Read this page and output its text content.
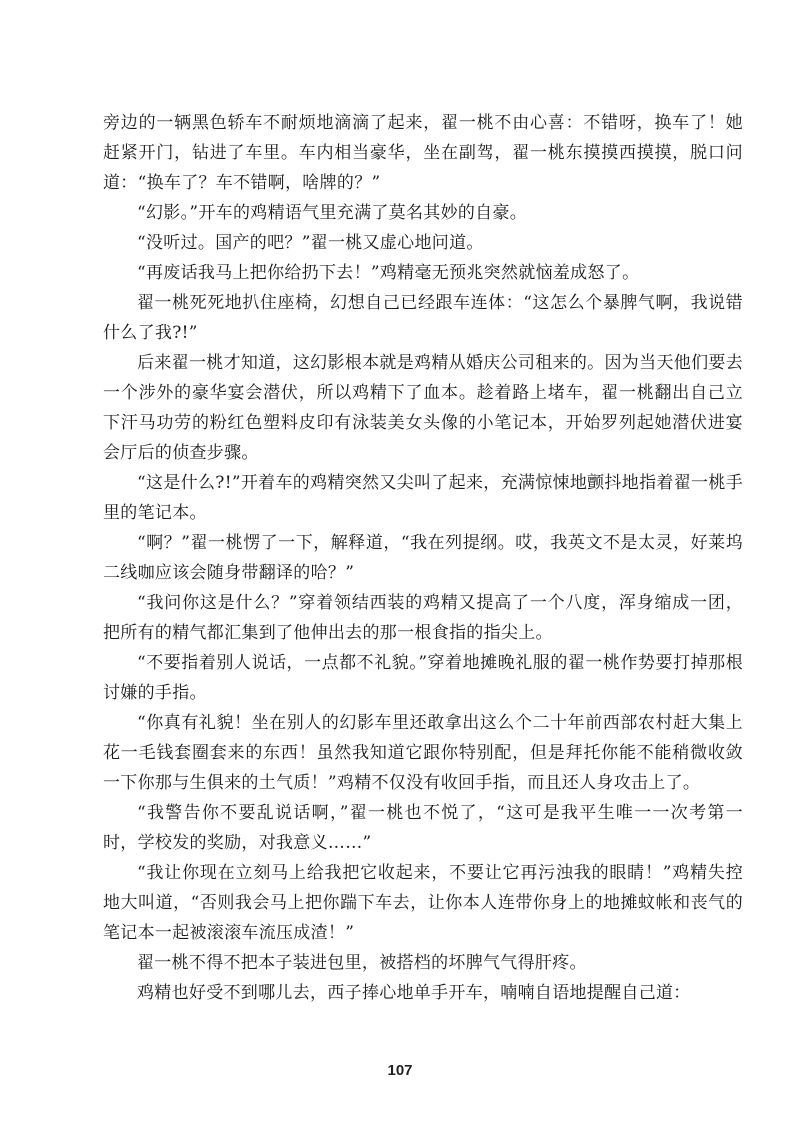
旁边的一辆黑色轿车不耐烦地滴滴了起来，翟一桃不由心喜：不错呀，换车了！她赶紧开门，钻进了车里。车内相当豪华，坐在副驾，翟一桃东摸摸西摸摸，脱口问道：“换车了？车不错啊，啥牌的？”

“幻影。”开车的鸡精语气里充满了莫名其妙的自豪。

“没听过。国产的吧？”翟一桃又虚心地问道。

“再废话我马上把你给扔下去！”鸡精毫无预兆突然就恼羞成怒了。

翟一桃死死地扒住座椅，幻想自己已经跟车连体：“这怎么个暴脾气啊，我说错什么了我?!”

后来翟一桃才知道，这幻影根本就是鸡精从婚庆公司租来的。因为当天他们要去一个涉外的豪华宴会潜伏，所以鸡精下了血本。趁着路上堵车，翟一桃翻出自己立下汗马功劳的粉红色塑料皮印有泳装美女头像的小笔记本，开始罗列起她潜伏进宴会厅后的侦查步骤。

“这是什么?!”开着车的鸡精突然又尖叫了起来，充满惊悚地颤抖地指着翟一桃手里的笔记本。

“啊？”翟一桃愣了一下，解释道，“我在列提纲。哎，我英文不是太灵，好莱坞二线咖应该会随身带翻译的哈？”

“我问你这是什么？”穿着领结西装的鸡精又提高了一个八度，浑身缩成一团，把所有的精气都汇集到了他伸出去的那一根食指的指尖上。

“不要指着别人说话，一点都不礼貌。”穿着地摊晚礼服的翟一桃作势要打掉那根讨嫌的手指。

“你真有礼貌！坐在别人的幻影车里还敢拿出这么个二十年前西部农村赶大集上花一毛钱套圈套来的东西！虽然我知道它跟你特别配，但是拜托你能不能稍微收敛一下你那与生俱来的土气质！”鸡精不仅没有收回手指，而且还人身攻击上了。

“我警告你不要乱说话啊，”翟一桃也不悦了，“这可是我平生唯一一次考第一时，学校发的奖励，对我意义……”

“我让你现在立刻马上给我把它收起来，不要让它再污浊我的眼睛！”鸡精失控地大叫道，“否则我会马上把你踹下车去，让你本人连带你身上的地摊蚊帐和丧气的笔记本一起被滚滚车流压成渣！”

翟一桃不得不把本子装进包里，被搭档的坏脾气气得肝疼。

鸡精也好受不到哪儿去，西子捧心地单手开车，喃喃自语地提醒自己道：

107
